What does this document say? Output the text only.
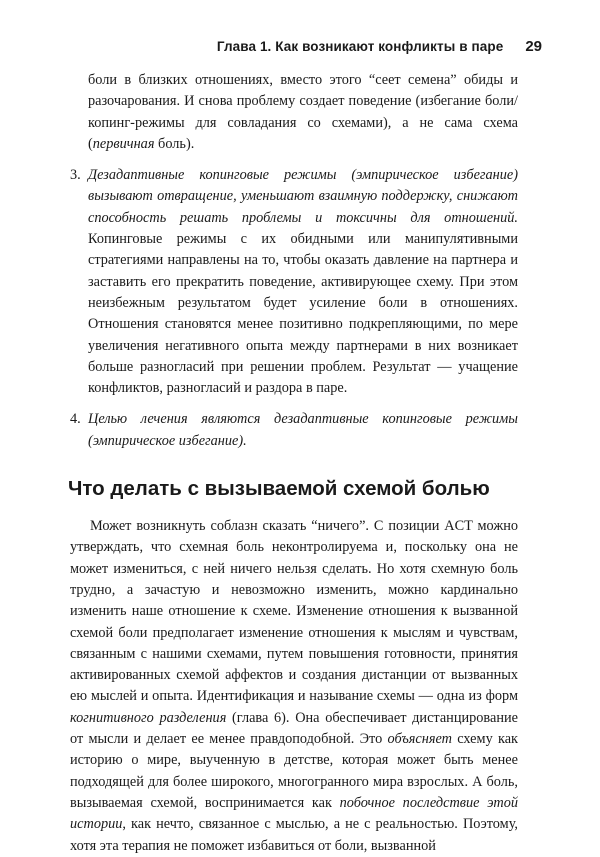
Глава 1. Как возникают конфликты в паре 29

боли в близких отношениях, вместо этого “сеет семена” обиды и разочарования. И снова проблему создает поведение (избегание боли/ копинг-режимы для совладания со схемами), а не сама схема (первичная боль).

3. Дезадаптивные копинговые режимы (эмпирическое избегание) вызывают отвращение, уменьшают взаимную поддержку, снижают способность решать проблемы и токсичны для отношений. Копинговые режимы с их обидными или манипулятивными стратегиями направлены на то, чтобы оказать давление на партнера и заставить его прекратить поведение, активирующее схему. При этом неизбежным результатом будет усиление боли в отношениях. Отношения становятся менее позитивно подкрепляющими, по мере увеличения негативного опыта между партнерами в них возникает больше разногласий при решении проблем. Результат — учащение конфликтов, разногласий и раздора в паре.
4. Целью лечения являются дезадаптивные копинговые режимы (эмпирическое избегание).
Что делать с вызываемой схемой болью

Может возникнуть соблазн сказать “ничего”. С позиции ACT можно утверждать, что схемная боль неконтролируема и, поскольку она не может измениться, с ней ничего нельзя сделать. Но хотя схемную боль трудно, а зачастую и невозможно изменить, можно кардинально изменить наше отношение к схеме. Изменение отношения к вызванной схемой боли предполагает изменение отношения к мыслям и чувствам, связанным с нашими схемами, путем повышения готовности, принятия активированных схемой аффектов и создания дистанции от вызванных ею мыслей и опыта. Идентификация и называние схемы — одна из форм когнитивного разделения (глава 6). Она обеспечивает дистанцирование от мысли и делает ее менее правдоподобной. Это объясняет схему как историю о мире, выученную в детстве, которая может быть менее подходящей для более широкого, многогранного мира взрослых. А боль, вызываемая схемой, воспринимается как побочное последствие этой истории, как нечто, связанное с мыслью, а не с реальностью. Поэтому, хотя эта терапия не поможет избавиться от боли, вызванной
